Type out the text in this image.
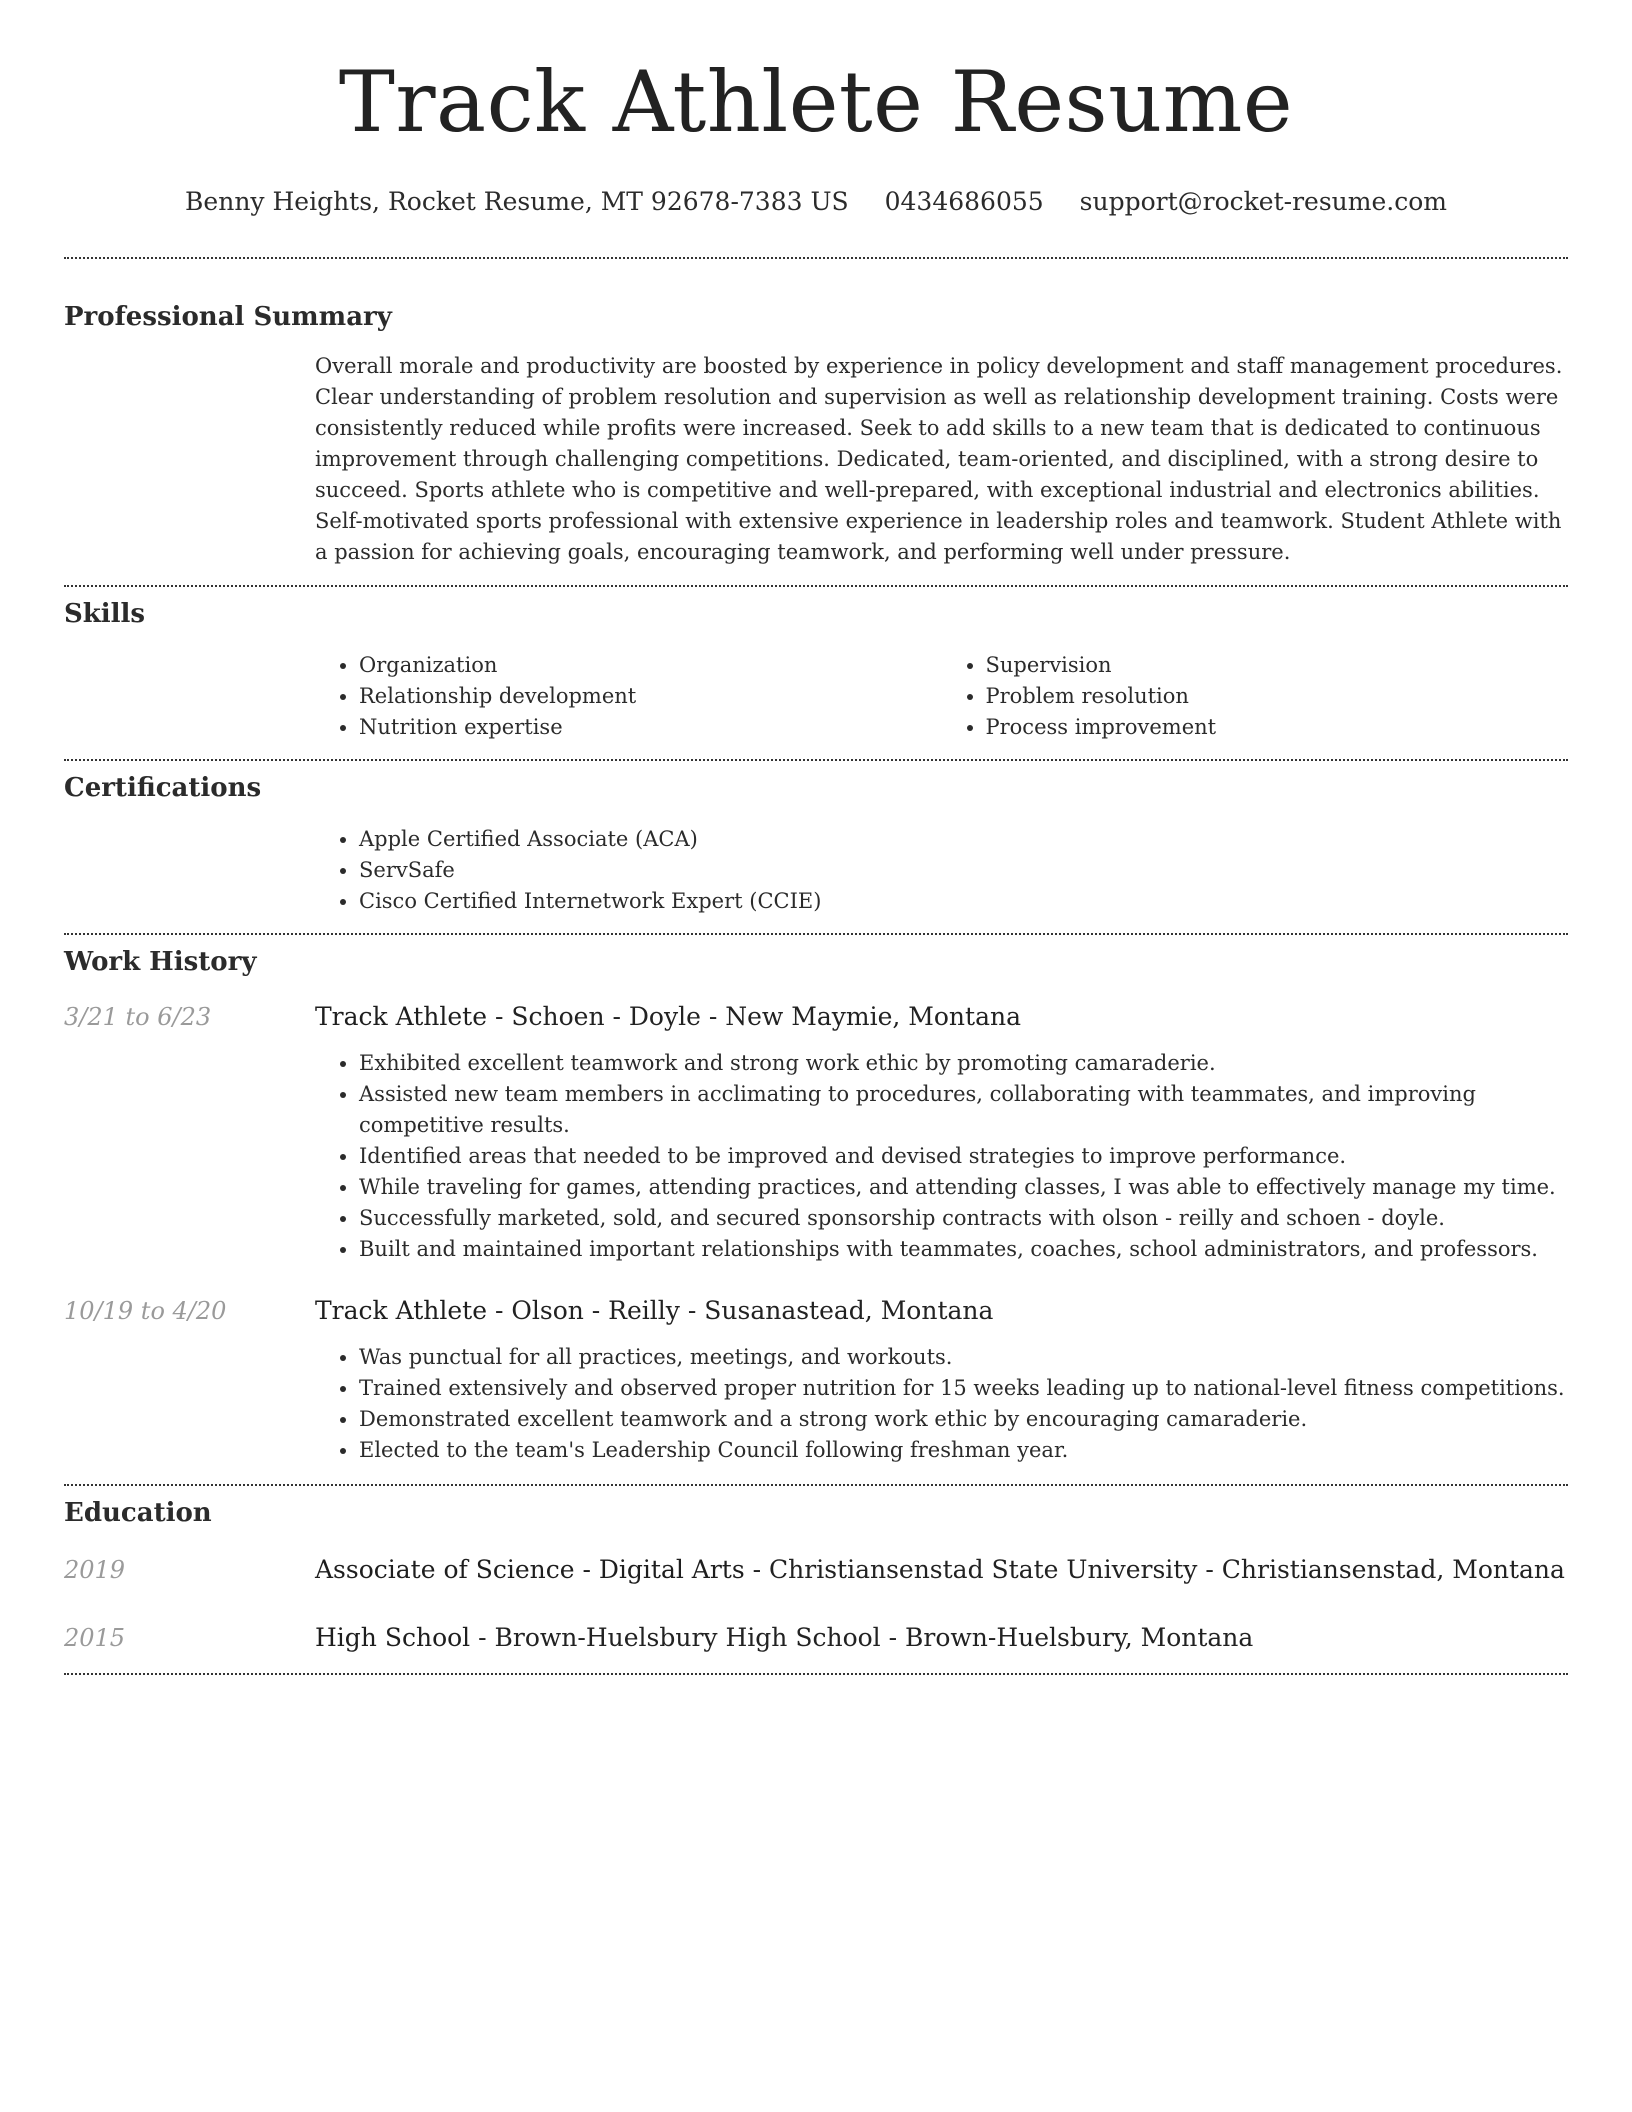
Track Athlete Resume
Benny Heights, Rocket Resume, MT 92678-7383 US 0434686055 support@rocket-resume.com
Professional Summary

Overall morale and productivity are boosted by experience in policy development and staff management procedures. Clear understanding of problem resolution and supervision as well as relationship development training. Costs were consistently reduced while profits were increased. Seek to add skills to a new team that is dedicated to continuous improvement through challenging competitions. Dedicated, team-oriented, and disciplined, with a strong desire to succeed. Sports athlete who is competitive and well-prepared, with exceptional industrial and electronics abilities. Self-motivated sports professional with extensive experience in leadership roles and teamwork. Student Athlete with a passion for achieving goals, encouraging teamwork, and performing well under pressure.

Skills
• Organization
• Relationship development
• Nutrition expertise
• Supervision
• Problem resolution
• Process improvement
Certifications
• Apple Certified Associate (ACA)
• ServSafe
• Cisco Certified Internetwork Expert (CCIE)
Work History
3/21 to 6/23	Track Athlete - Schoen - Doyle - New Maymie, Montana
• Exhibited excellent teamwork and strong work ethic by promoting camaraderie.
• Assisted new team members in acclimating to procedures, collaborating with teammates, and improving competitive results.
• Identified areas that needed to be improved and devised strategies to improve performance.
• While traveling for games, attending practices, and attending classes, I was able to effectively manage my time.
• Successfully marketed, sold, and secured sponsorship contracts with olson - reilly and schoen - doyle.
• Built and maintained important relationships with teammates, coaches, school administrators, and professors.
10/19 to 4/20	Track Athlete - Olson - Reilly - Susanastead, Montana
• Was punctual for all practices, meetings, and workouts.
• Trained extensively and observed proper nutrition for 15 weeks leading up to national-level fitness competitions.
• Demonstrated excellent teamwork and a strong work ethic by encouraging camaraderie.
• Elected to the team's Leadership Council following freshman year.
Education
2019	Associate of Science - Digital Arts - Christiansenstad State University - Christiansenstad, Montana
2015	High School - Brown-Huelsbury High School - Brown-Huelsbury, Montana
